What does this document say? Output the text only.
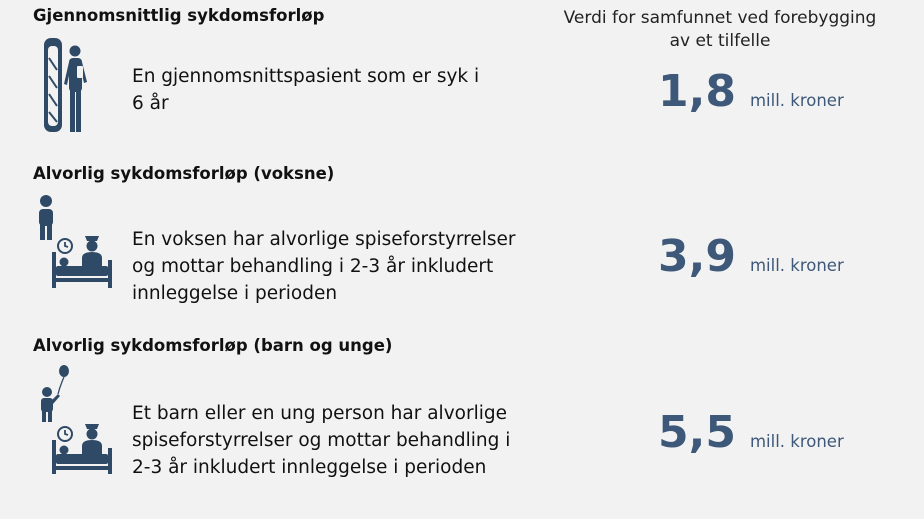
Verdi for samfunnet ved forebygging
av et tilfelle
Gjennomsnittlig sykdomsforløp
En gjennomsnittspasient som er syk i
6 år	1,8 mill. kroner
Alvorlig sykdomsforløp (voksne)
En voksen har alvorlige spiseforstyrrelser
og mottar behandling i 2-3 år inkludert
innleggelse i perioden
3,9 mill. kroner
Alvorlig sykdomsforløp (barn og unge)
Et barn eller en ung person har alvorlige
spiseforstyrrelser og mottar behandling i
2-3 år inkludert innleggelse i perioden
5,5 mill. kroner
